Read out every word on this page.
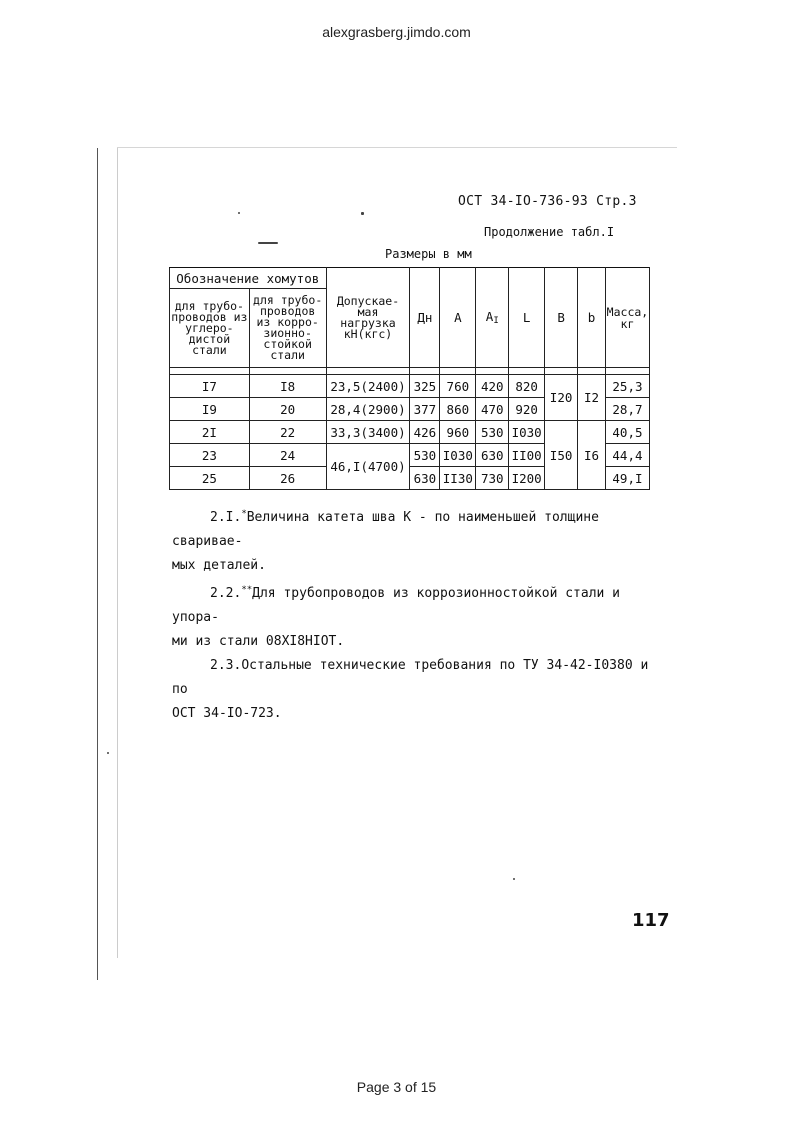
alexgrasberg.jimdo.com
ОСТ 34-IO-736-93 Стр.3
Продолжение табл.I
Размеры в мм
Обозначение хомутов		Допускае- мая нагрузка кН(кгс)	Дн	А	АI	L	В	b	Масса, кг
для трубо- проводов из углеро- дистой стали	для трубо- проводов из корро- зионно- стойкой стали								

I7	I8	23,5(2400)	325	760	420	820	I20	I2	25,3
I9	20	28,4(2900)	377	860	470	920			28,7
2I	22	33,3(3400)	426	960	530	I030	I50	I6	40,5
23	24	46,I(4700)	530	I030	630	II00			44,4
25	26		630	II30	730	I200			49,I

2.I.*Величина катета шва К - по наименьшей толщине сваривае-

мых деталей.

2.2.**Для трубопроводов из коррозионностойкой стали и упора-

ми из стали 08XI8HIOT.

2.3.Остальные технические требования по ТУ 34-42-I0380 и по

ОСТ 34-IO-723.

117
Page 3 of 15
